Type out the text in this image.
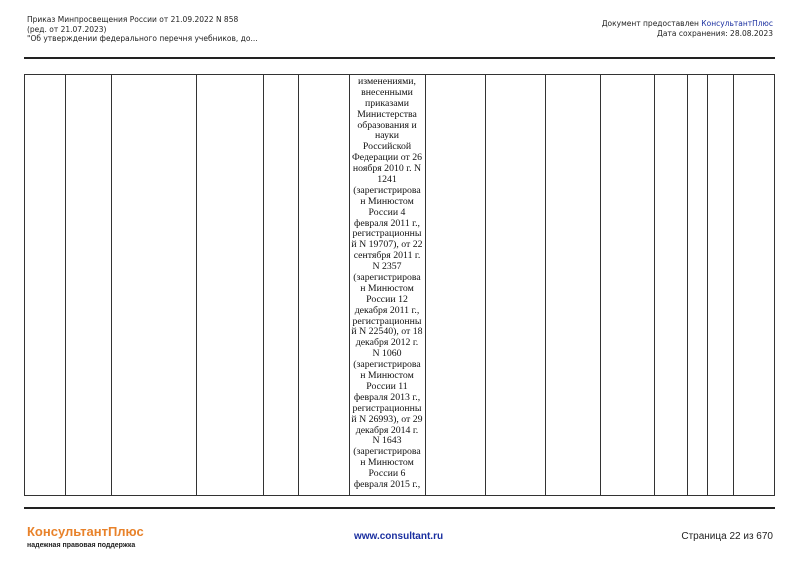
Приказ Минпросвещения России от 21.09.2022 N 858
(ред. от 21.07.2023)
"Об утверждении федерального перечня учебников, до...
Документ предоставлен КонсультантПлюс
Дата сохранения: 28.08.2023
изменениями,
внесенными
приказами
Министерства
образования и
науки
Российской
Федерации от 26
ноября 2010 г. N
1241
(зарегистрирова
н Минюстом
России 4
февраля 2011 г.,
регистрационны
й N 19707), от 22
сентября 2011 г.
N 2357
(зарегистрирова
н Минюстом
России 12
декабря 2011 г.,
регистрационны
й N 22540), от 18
декабря 2012 г.
N 1060
(зарегистрирова
н Минюстом
России 11
февраля 2013 г.,
регистрационны
й N 26993), от 29
декабря 2014 г.
N 1643
(зарегистрирова
н Минюстом
России 6
февраля 2015 г.,
КонсультантПлюс
надежная правовая поддержка
www.consultant.ru	Страница 22 из 670
